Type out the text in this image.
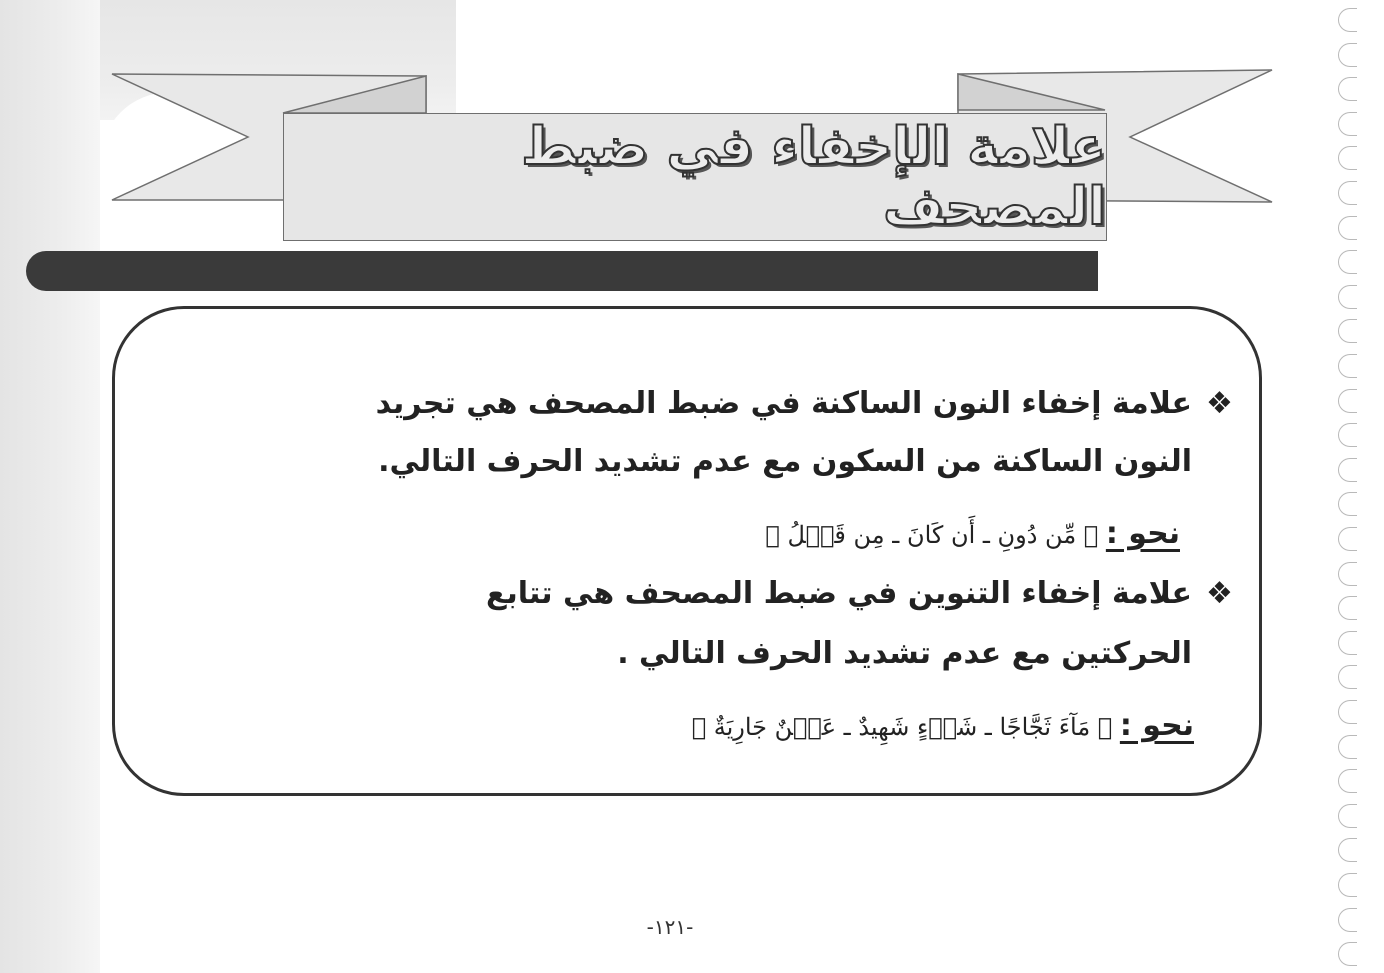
علامة الإخفاء في ضبط المصحف
❖
علامة إخفاء النون الساكنة في ضبط المصحف هي تجريد
النون الساكنة من السكون مع عدم تشديد الحرف التالي.
نحو : ﴿ مِّن دُونِ ـ أَن كَانَ ـ مِن قَبۡلُ ﴾
❖
علامة إخفاء التنوين في ضبط المصحف هي تتابع
الحركتين مع عدم تشديد الحرف التالي .
نحو : ﴿ مَآءَ ثَجَّاجًا ـ شَىۡءٍ شَهِيدٌ ـ عَيۡنٌ جَارِيَةٌ ﴾
-١٢١-
